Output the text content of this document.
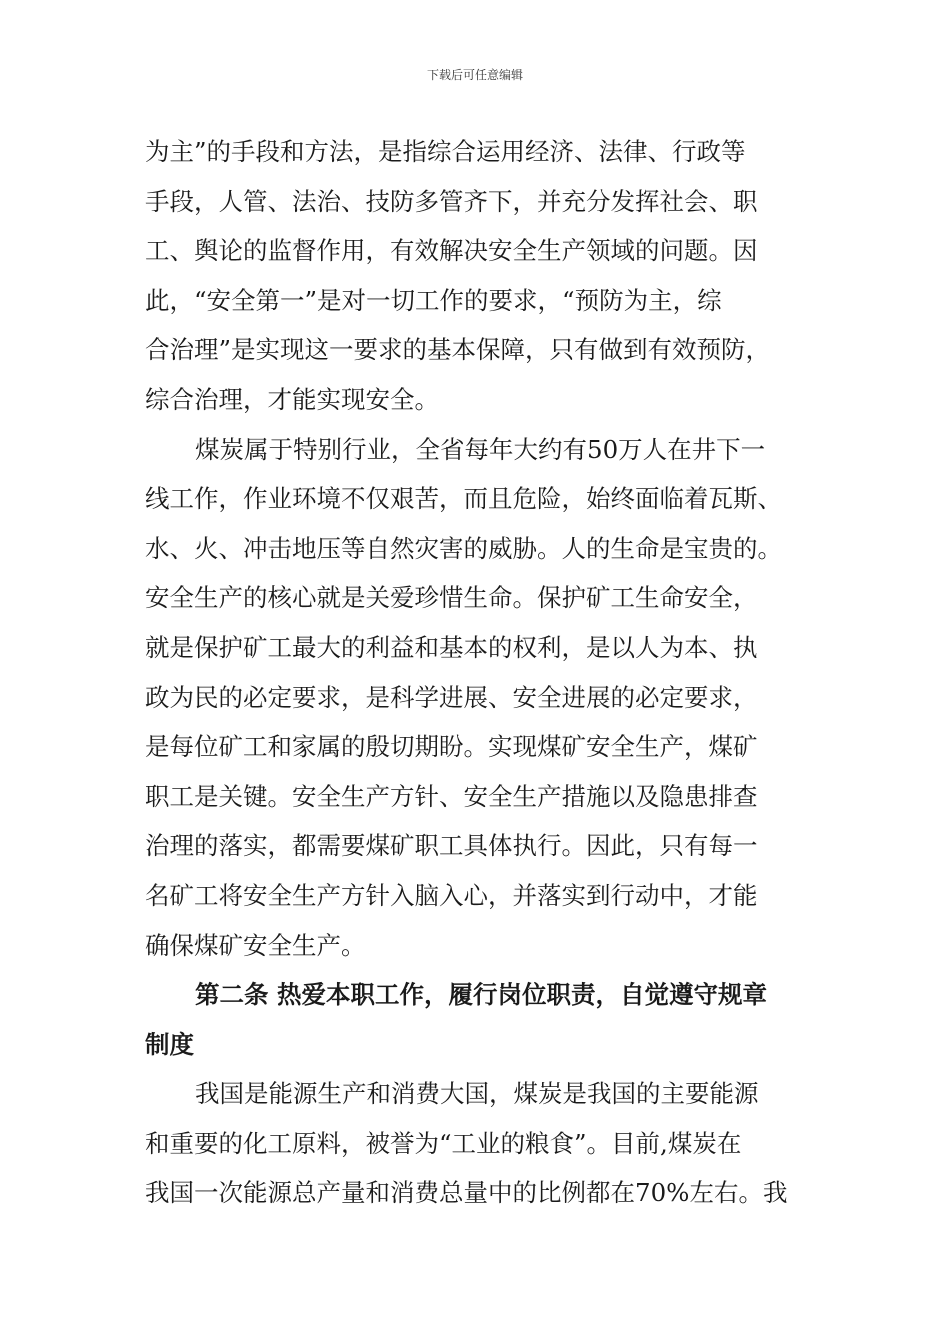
下载后可任意编辑
为主”的手段和方法，是指综合运用经济、法律、行政等
手段，人管、法治、技防多管齐下，并充分发挥社会、职
工、舆论的监督作用，有效解决安全生产领域的问题。因
此，“安全第一”是对一切工作的要求，“预防为主，综
合治理”是实现这一要求的基本保障，只有做到有效预防，
综合治理，才能实现安全。
煤炭属于特别行业，全省每年大约有50万人在井下一
线工作，作业环境不仅艰苦，而且危险，始终面临着瓦斯、
水、火、冲击地压等自然灾害的威胁。人的生命是宝贵的。
安全生产的核心就是关爱珍惜生命。保护矿工生命安全，
就是保护矿工最大的利益和基本的权利，是以人为本、执
政为民的必定要求，是科学进展、安全进展的必定要求，
是每位矿工和家属的殷切期盼。实现煤矿安全生产，煤矿
职工是关键。安全生产方针、安全生产措施以及隐患排查
治理的落实，都需要煤矿职工具体执行。因此，只有每一
名矿工将安全生产方针入脑入心，并落实到行动中，才能
确保煤矿安全生产。
第二条 热爱本职工作，履行岗位职责，自觉遵守规章
制度
我国是能源生产和消费大国，煤炭是我国的主要能源
和重要的化工原料，被誉为“工业的粮食”。目前,煤炭在
我国一次能源总产量和消费总量中的比例都在70%左右。我
